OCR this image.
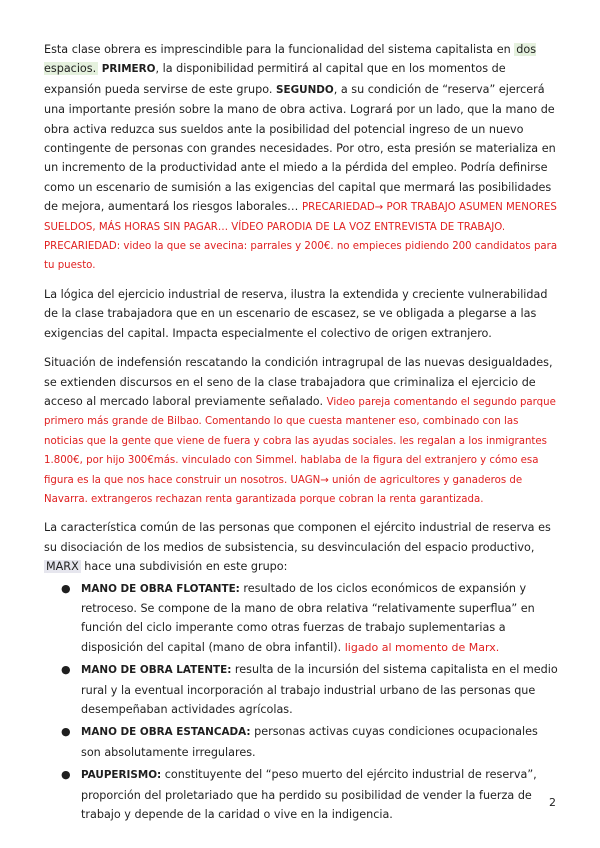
Esta clase obrera es imprescindible para la funcionalidad del sistema capitalista en dos espacios. PRIMERO, la disponibilidad permitirá al capital que en los momentos de expansión pueda servirse de este grupo. SEGUNDO, a su condición de “reserva” ejercerá una importante presión sobre la mano de obra activa. Logrará por un lado, que la mano de obra activa reduzca sus sueldos ante la posibilidad del potencial ingreso de un nuevo contingente de personas con grandes necesidades. Por otro, esta presión se materializa en un incremento de la productividad ante el miedo a la pérdida del empleo. Podría definirse como un escenario de sumisión a las exigencias del capital que mermará las posibilidades de mejora, aumentará los riesgos laborales… PRECARIEDAD→ POR TRABAJO ASUMEN MENORES SUELDOS, MÁS HORAS SIN PAGAR… VÍDEO PARODIA DE LA VOZ ENTREVISTA DE TRABAJO. PRECARIEDAD: video la que se avecina: parrales y 200€. no empieces pidiendo 200 candidatos para tu puesto.

La lógica del ejercicio industrial de reserva, ilustra la extendida y creciente vulnerabilidad de la clase trabajadora que en un escenario de escasez, se ve obligada a plegarse a las exigencias del capital. Impacta especialmente el colectivo de origen extranjero.

Situación de indefensión rescatando la condición intragrupal de las nuevas desigualdades, se extienden discursos en el seno de la clase trabajadora que criminaliza el ejercicio de acceso al mercado laboral previamente señalado. Video pareja comentando el segundo parque primero más grande de Bilbao. Comentando lo que cuesta mantener eso, combinado con las noticias que la gente que viene de fuera y cobra las ayudas sociales. les regalan a los inmigrantes 1.800€, por hijo 300€más. vinculado con Simmel. hablaba de la figura del extranjero y cómo esa figura es la que nos hace construir un nosotros. UAGN→ unión de agricultores y ganaderos de Navarra. extrangeros rechazan renta garantizada porque cobran la renta garantizada.

La característica común de las personas que componen el ejército industrial de reserva es su disociación de los medios de subsistencia, su desvinculación del espacio productivo, MARX hace una subdivisión en este grupo:

● MANO DE OBRA FLOTANTE: resultado de los ciclos económicos de expansión y retroceso. Se compone de la mano de obra relativa “relativamente superflua” en función del ciclo imperante como otras fuerzas de trabajo suplementarias a disposición del capital (mano de obra infantil). ligado al momento de Marx.
● MANO DE OBRA LATENTE: resulta de la incursión del sistema capitalista en el medio rural y la eventual incorporación al trabajo industrial urbano de las personas que desempeñaban actividades agrícolas.
● MANO DE OBRA ESTANCADA: personas activas cuyas condiciones ocupacionales son absolutamente irregulares.
● PAUPERISMO: constituyente del “peso muerto del ejército industrial de reserva”, proporción del proletariado que ha perdido su posibilidad de vender la fuerza de trabajo y depende de la caridad o vive en la indigencia.
2
